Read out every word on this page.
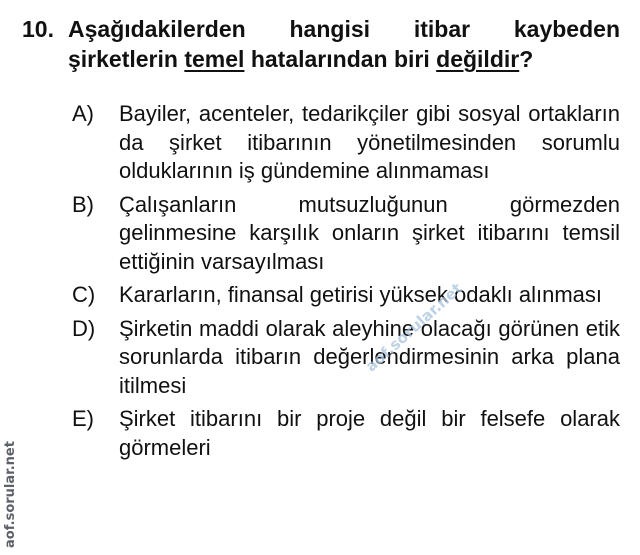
10. Aşağıdakilerden hangisi itibar kaybeden şirketlerin temel hatalarından biri değildir?
A) Bayiler, acenteler, tedarikçiler gibi sosyal ortakların da şirket itibarının yönetilmesinden sorumlu olduklarının iş gündemine alınmaması
B) Çalışanların mutsuzluğunun görmezden gelinmesine karşılık onların şirket itibarını temsil ettiğinin varsayılması
C) Kararların, finansal getirisi yüksek odaklı alınması
D) Şirketin maddi olarak aleyhine olacağı görünen etik sorunlarda itibarın değerlendirmesinin arka plana itilmesi
E) Şirket itibarını bir proje değil bir felsefe olarak görmeleri
aof.sorular.net
aof.sorular.net
